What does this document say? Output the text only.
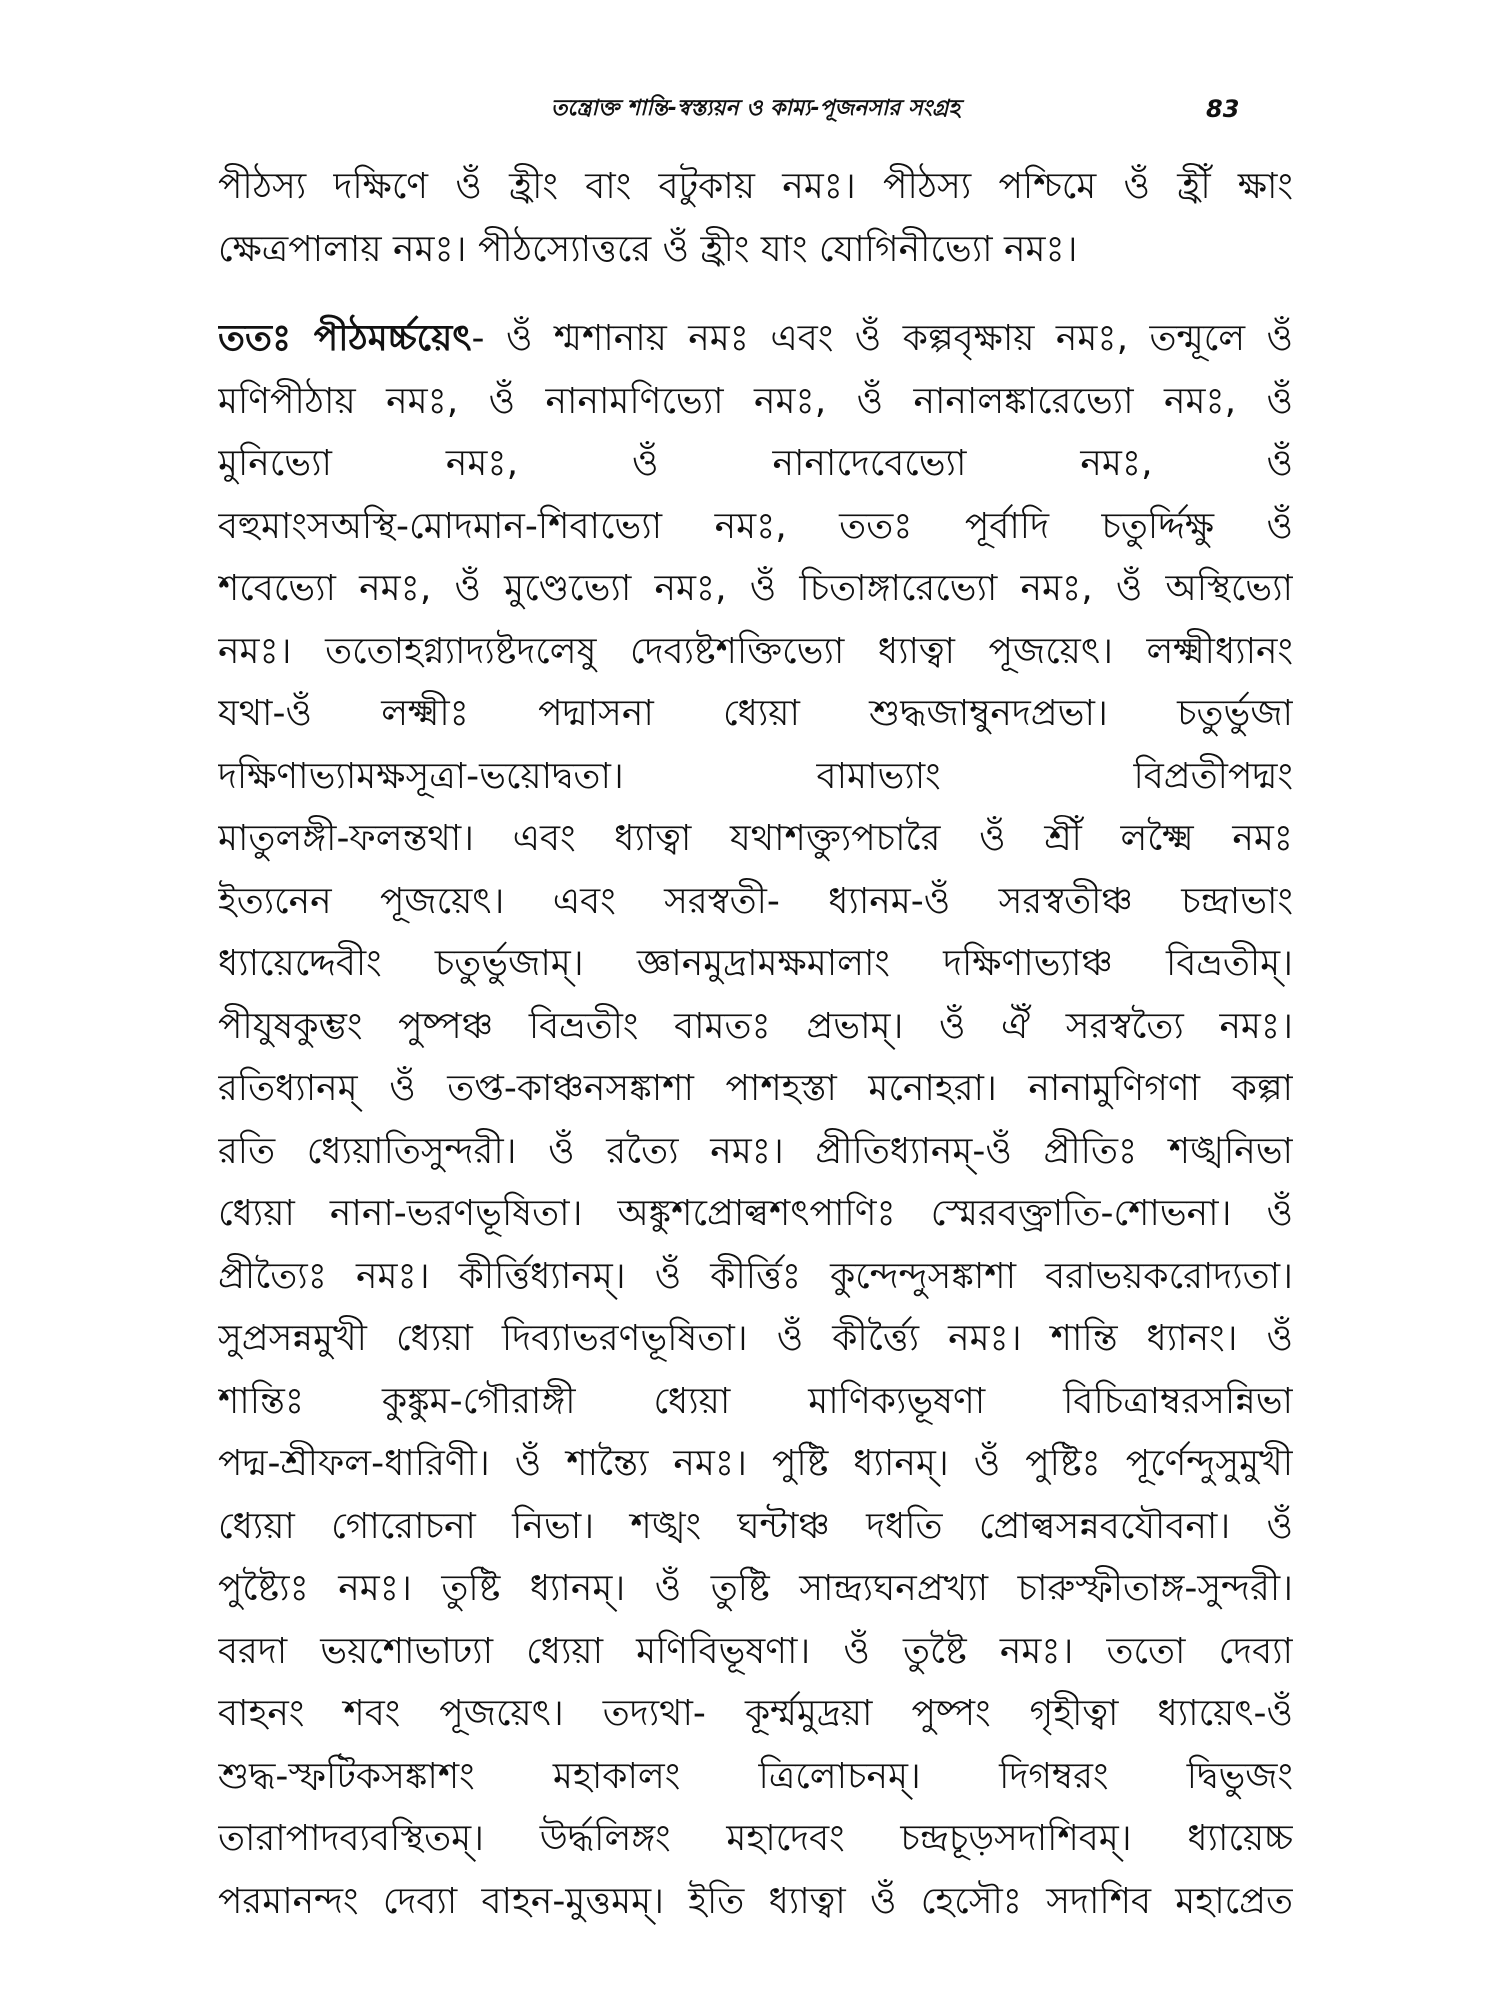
তন্ত্রোক্ত শান্তি-স্বস্ত্যয়ন ও কাম্য-পূজনসার সংগ্রহ	83
পীঠস্য দক্ষিণে ওঁ হ্রীং বাং বটুকায় নমঃ। পীঠস্য পশ্চিমে ওঁ হ্রীঁ ক্ষাং
ক্ষেত্রপালায় নমঃ। পীঠস্যোত্তরে ওঁ হ্রীং যাং যোগিনীভ্যো নমঃ।
ততঃ পীঠমর্চ্চয়েৎ- ওঁ শ্মশানায় নমঃ এবং ওঁ কল্পবৃক্ষায় নমঃ, তন্মূলে ওঁ
মণিপীঠায় নমঃ, ওঁ নানামণিভ্যো নমঃ, ওঁ নানালঙ্কারেভ্যো নমঃ, ওঁ
মুনিভ্যো নমঃ, ওঁ নানাদেবেভ্যো নমঃ, ওঁ
বহুমাংসঅস্থি-মোদমান-শিবাভ্যো নমঃ, ততঃ পূর্বাদি চতুর্দ্দিক্ষু ওঁ
শবেভ্যো নমঃ, ওঁ মুণ্ডেভ্যো নমঃ, ওঁ চিতাঙ্গারেভ্যো নমঃ, ওঁ অস্থিভ্যো
নমঃ। ততোহগ্ন্যাদ্যষ্টদলেষু দেব্যষ্টশক্তিভ্যো ধ্যাত্বা পূজয়েৎ। লক্ষ্মীধ্যানং
যথা-ওঁ লক্ষ্মীঃ পদ্মাসনা ধ্যেয়া শুদ্ধজাম্বুনদপ্রভা। চতুর্ভুজা
দক্ষিণাভ্যামক্ষসূত্রা-ভয়োদ্বতা। বামাভ্যাং বিপ্রতীপদ্মং
মাতুলঙ্গী-ফলন্তথা। এবং ধ্যাত্বা যথাশক্ত্যুপচারৈ ওঁ শ্রীঁ লক্ষ্মৈ নমঃ
ইত্যনেন পূজয়েৎ। এবং সরস্বতী- ধ্যানম-ওঁ সরস্বতীঞ্চ চন্দ্রাভাং
ধ্যায়েদ্দেবীং চতুর্ভুজাম্। জ্ঞানমুদ্রামক্ষমালাং দক্ষিণাভ্যাঞ্চ বিভ্রতীম্।
পীযুষকুম্ভং পুষ্পঞ্চ বিভ্রতীং বামতঃ প্রভাম্। ওঁ ঐঁ সরস্বত্যৈ নমঃ।
রতিধ্যানম্ ওঁ তপ্ত-কাঞ্চনসঙ্কাশা পাশহস্তা মনোহরা। নানামুণিগণা কল্পা
রতি ধ্যেয়াতিসুন্দরী। ওঁ রত্যৈ নমঃ। প্রীতিধ্যানম্-ওঁ প্রীতিঃ শঙ্খনিভা
ধ্যেয়া নানা-ভরণভূষিতা। অঙ্কুশপ্রোল্বশৎপাণিঃ স্মেরবক্ত্রাতি-শোভনা। ওঁ
প্রীত্যৈঃ নমঃ। কীর্ত্তিধ্যানম্। ওঁ কীর্ত্তিঃ কুন্দেন্দুসঙ্কাশা বরাভয়করোদ্যতা।
সুপ্রসন্নমুখী ধ্যেয়া দিব্যাভরণভূষিতা। ওঁ কীর্ত্ত্যৈ নমঃ। শান্তি ধ্যানং। ওঁ
শান্তিঃ কুঙ্কুম-গৌরাঙ্গী ধ্যেয়া মাণিক্যভূষণা বিচিত্রাম্বরসন্নিভা
পদ্ম-শ্রীফল-ধারিণী। ওঁ শান্ত্যৈ নমঃ। পুষ্টি ধ্যানম্। ওঁ পুষ্টিঃ পূর্ণেন্দুসুমুখী
ধ্যেয়া গোরোচনা নিভা। শঙ্খং ঘন্টাঞ্চ দধতি প্রোল্বসন্নবযৌবনা। ওঁ
পুষ্ট্যৈঃ নমঃ। তুষ্টি ধ্যানম্। ওঁ তুষ্টি সান্দ্র্যঘনপ্রখ্যা চারুস্ফীতাঙ্গ-সুন্দরী।
বরদা ভয়শোভাঢ্যা ধ্যেয়া মণিবিভূষণা। ওঁ তুষ্টৈ নমঃ। ততো দেব্যা
বাহনং শবং পূজয়েৎ। তদ্যথা- কূর্ম্মমুদ্রয়া পুষ্পং গৃহীত্বা ধ্যায়েৎ-ওঁ
শুদ্ধ-স্ফটিকসঙ্কাশং মহাকালং ত্রিলোচনম্। দিগম্বরং দ্বিভুজং
তারাপাদব্যবস্থিতম্। উর্দ্ধলিঙ্গং মহাদেবং চন্দ্রচূড়সদাশিবম্। ধ্যায়েচ্চ
পরমানন্দং দেব্যা বাহন-মুত্তমম্। ইতি ধ্যাত্বা ওঁ হেসৌঃ সদাশিব মহাপ্রেত
